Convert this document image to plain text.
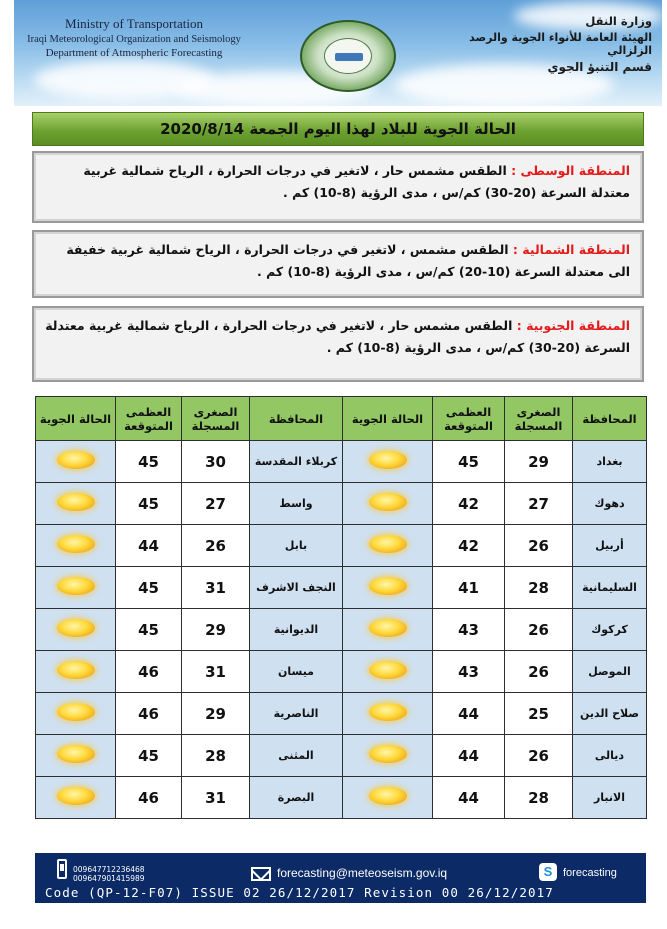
Ministry of Transportation
Iraqi Meteorological Organization and Seismology
Department of Atmospheric Forecasting
وزارة النقل
الهيئة العامة للأنواء الجوية والرصد الزلزالي
قسم التنبؤ الجوي
الحالة الجوية للبلاد لهذا اليوم الجمعة 2020/8/14
المنطقة الوسطى : الطقس مشمس حار ، لاتغير في درجات الحرارة ، الرياح شمالية غربية معتدلة السرعة (20-30) كم/س ، مدى الرؤية (8-10) كم .
المنطقة الشمالية : الطقس مشمس ، لاتغير في درجات الحرارة ، الرياح شمالية غربية خفيفة الى معتدلة السرعة (10-20) كم/س ، مدى الرؤية (8-10) كم .
المنطقة الجنوبية : الطقس مشمس حار ، لاتغير في درجات الحرارة ، الرياح شمالية غربية معتدلة السرعة (20-30) كم/س ، مدى الرؤية (8-10) كم .
المحافظة	الصغرى المسجلة	العظمى المتوقعة	الحالة الجوية	المحافظة	الصغرى المسجلة	العظمى المتوقعة	الحالة الجوية
بغداد	29	45		كربلاء المقدسة	30	45	
دهوك	27	42		واسط	27	45	
أربيل	26	42		بابل	26	44	
السليمانية	28	41		النجف الاشرف	31	45	
كركوك	26	43		الديوانية	29	45	
الموصل	26	43		ميسان	31	46	
صلاح الدين	25	44		الناصرية	29	46	
ديالى	26	44		المثنى	28	45	
الانبار	28	44		البصرة	31	46	
009647712236468
009647901415989	forecasting@meteoseism.gov.iq	S forecasting
Code (QP-12-F07) ISSUE 02 26/12/2017 Revision 00 26/12/2017
